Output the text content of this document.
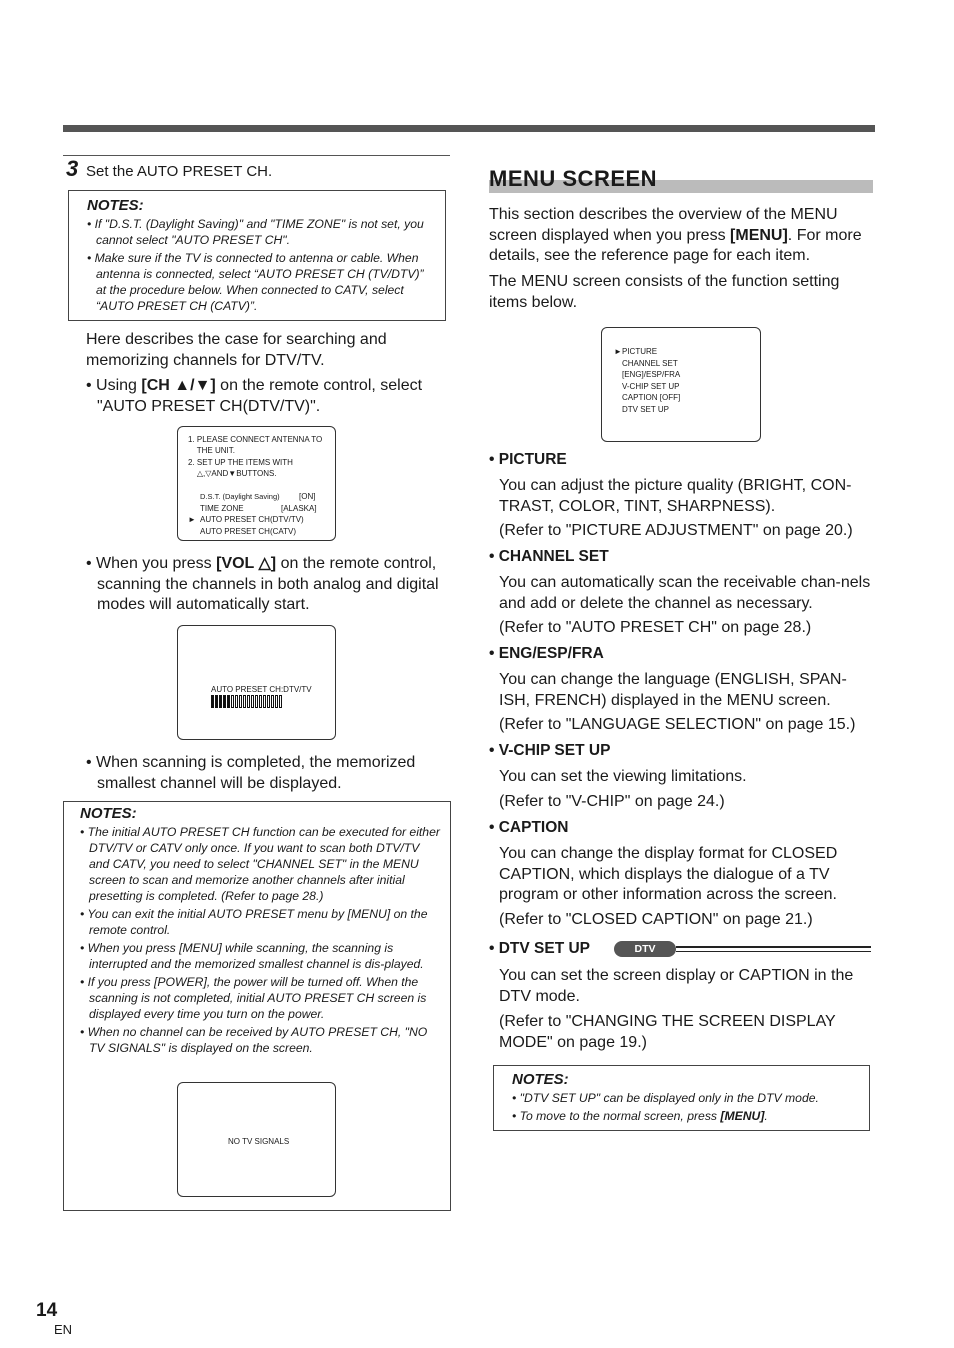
3 Set the AUTO PRESET CH.
NOTES:
• If "D.S.T. (Daylight Saving)" and "TIME ZONE" is not set, you cannot select "AUTO PRESET CH".
• Make sure if the TV is connected to antenna or cable. When antenna is connected, select “AUTO PRESET CH (TV/DTV)” at the procedure below. When connected to CATV, select “AUTO PRESET CH (CATV)”.
Here describes the case for searching and memorizing channels for DTV/TV.
• Using [CH ▲/▼] on the remote control, select "AUTO PRESET CH(DTV/TV)".
1. PLEASE CONNECT ANTENNA TO
THE UNIT.
2. SET UP THE ITEMS WITH
△,▽AND▼BUTTONS.
D.S.T. (Daylight Saving) [ON]
TIME ZONE	[ALASKA]
► AUTO PRESET CH(DTV/TV)
AUTO PRESET CH(CATV)
• When you press [VOL △] on the remote control, scanning the channels in both analog and digital modes will automatically start.
AUTO PRESET CH:DTV/TV
• When scanning is completed, the memorized smallest channel will be displayed.
NOTES:
• The initial AUTO PRESET CH function can be executed for either DTV/TV or CATV only once. If you want to scan both DTV/TV and CATV, you need to select "CHANNEL SET" in the MENU screen to scan and memorize another channels after initial presetting is completed. (Refer to page 28.)
• You can exit the initial AUTO PRESET menu by [MENU] on the remote control.
• When you press [MENU] while scanning, the scanning is interrupted and the memorized smallest channel is dis-played.
• If you press [POWER], the power will be turned off. When the scanning is not completed, initial AUTO PRESET CH screen is displayed every time you turn on the power.
• When no channel can be received by AUTO PRESET CH, "NO TV SIGNALS" is displayed on the screen.
NO TV SIGNALS
MENU SCREEN
This section describes the overview of the MENU screen displayed when you press [MENU]. For more details, see the reference page for each item.
The MENU screen consists of the function setting items below.
► PICTURE
CHANNEL SET
[ENG]/ESP/FRA
V-CHIP SET UP
CAPTION [OFF]
DTV SET UP
• PICTURE
You can adjust the picture quality (BRIGHT, CON-TRAST, COLOR, TINT, SHARPNESS).
(Refer to "PICTURE ADJUSTMENT" on page 20.)
• CHANNEL SET
You can automatically scan the receivable chan-nels and add or delete the channel as necessary.
(Refer to "AUTO PRESET CH" on page 28.)
• ENG/ESP/FRA
You can change the language (ENGLISH, SPAN-ISH, FRENCH) displayed in the MENU screen.
(Refer to "LANGUAGE SELECTION" on page 15.)
• V-CHIP SET UP
You can set the viewing limitations.
(Refer to "V-CHIP" on page 24.)
• CAPTION
You can change the display format for CLOSED CAPTION, which displays the dialogue of a TV program or other information across the screen.
(Refer to "CLOSED CAPTION" on page 21.)
• DTV SET UP	DTV
You can set the screen display or CAPTION in the DTV mode.
(Refer to "CHANGING THE SCREEN DISPLAY MODE" on page 19.)
NOTES:
• "DTV SET UP" can be displayed only in the DTV mode.
• To move to the normal screen, press [MENU].
14
EN
